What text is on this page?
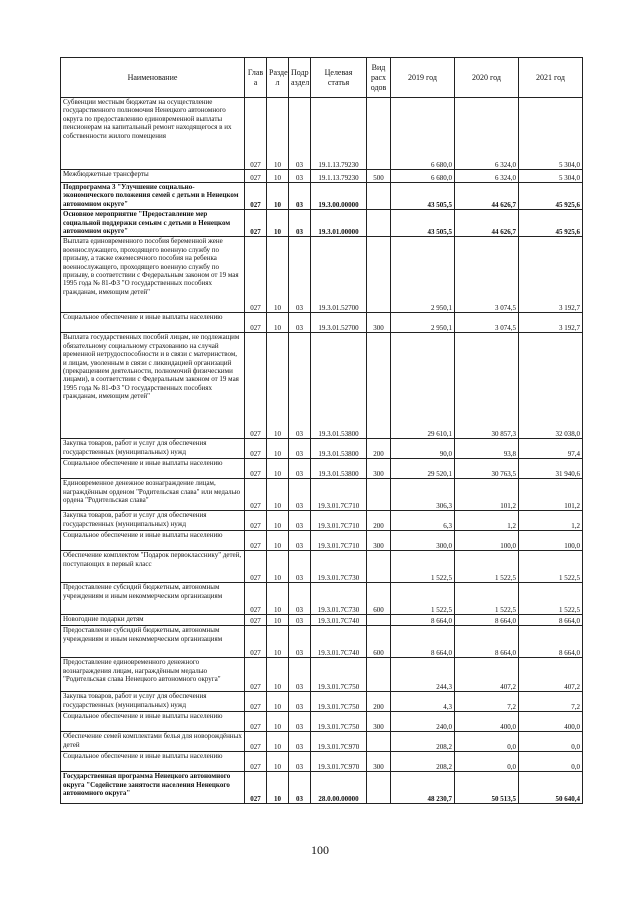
Наименование	Глав а	Разде л	Подр аздел	Целевая статья	Вид расх одов	2019 год	2020 год	2021 год
Субвенции местным бюджетам на осуществление государственного полномочия Ненецкого автономного округа по предоставлению единовременной выплаты пенсионерам на капитальный ремонт находящегося в их собственности жилого помещения	027	10	03	19.1.13.79230		6 680,0	6 324,0	5 304,0
Межбюджетные трансферты	027	10	03	19.1.13.79230	500	6 680,0	6 324,0	5 304,0
Подпрограмма 3 "Улучшение социально-экономического положения семей с детьми в Ненецком автономном округе"	027	10	03	19.3.00.00000		43 505,5	44 626,7	45 925,6
Основное мероприятие "Предоставление мер социальной поддержки семьям с детьми в Ненецком автономном округе"	027	10	03	19.3.01.00000		43 505,5	44 626,7	45 925,6
Выплата единовременного пособия беременной жене военнослужащего, проходящего военную службу по призыву, а также ежемесячного пособия на ребенка военнослужащего, проходящего военную службу по призыву, в соответствии с Федеральным законом от 19 мая 1995 года № 81-ФЗ "О государственных пособиях гражданам, имеющим детей"	027	10	03	19.3.01.52700		2 950,1	3 074,5	3 192,7
Социальное обеспечение и иные выплаты населению	027	10	03	19.3.01.52700	300	2 950,1	3 074,5	3 192,7
Выплата государственных пособий лицам, не подлежащим обязательному социальному страхованию на случай временной нетрудоспособности и в связи с материнством, и лицам, уволенным в связи с ликвидацией организаций (прекращением деятельности, полномочий физическими лицами), в соответствии с Федеральным законом от 19 мая 1995 года № 81-ФЗ "О государственных пособиях гражданам, имеющим детей"	027	10	03	19.3.01.53800		29 610,1	30 857,3	32 038,0
Закупка товаров, работ и услуг для обеспечения государственных (муниципальных) нужд	027	10	03	19.3.01.53800	200	90,0	93,8	97,4
Социальное обеспечение и иные выплаты населению	027	10	03	19.3.01.53800	300	29 520,1	30 763,5	31 940,6
Единовременное денежное вознаграждение лицам, награждённым орденом "Родительская слава" или медалью ордена "Родительская слава"	027	10	03	19.3.01.7С710		306,3	101,2	101,2
Закупка товаров, работ и услуг для обеспечения государственных (муниципальных) нужд	027	10	03	19.3.01.7С710	200	6,3	1,2	1,2
Социальное обеспечение и иные выплаты населению	027	10	03	19.3.01.7С710	300	300,0	100,0	100,0
Обеспечение комплектом "Подарок первокласснику" детей, поступающих в первый класс	027	10	03	19.3.01.7С730		1 522,5	1 522,5	1 522,5
Предоставление субсидий бюджетным, автономным учреждениям и иным некоммерческим организациям	027	10	03	19.3.01.7С730	600	1 522,5	1 522,5	1 522,5
Новогодние подарки детям	027	10	03	19.3.01.7С740		8 664,0	8 664,0	8 664,0
Предоставление субсидий бюджетным, автономным учреждениям и иным некоммерческим организациям	027	10	03	19.3.01.7С740	600	8 664,0	8 664,0	8 664,0
Предоставление единовременного денежного вознаграждения лицам, награждённым медалью "Родительская слава Ненецкого автономного округа"	027	10	03	19.3.01.7С750		244,3	407,2	407,2
Закупка товаров, работ и услуг для обеспечения государственных (муниципальных) нужд	027	10	03	19.3.01.7С750	200	4,3	7,2	7,2
Социальное обеспечение и иные выплаты населению	027	10	03	19.3.01.7С750	300	240,0	400,0	400,0
Обеспечение семей комплектами белья для новорождённых детей	027	10	03	19.3.01.7С970		208,2	0,0	0,0
Социальное обеспечение и иные выплаты населению	027	10	03	19.3.01.7С970	300	208,2	0,0	0,0
Государственная программа Ненецкого автономного округа "Содействие занятости населения Ненецкого автономного округа"	027	10	03	28.0.00.00000		48 230,7	50 513,5	50 640,4
100
